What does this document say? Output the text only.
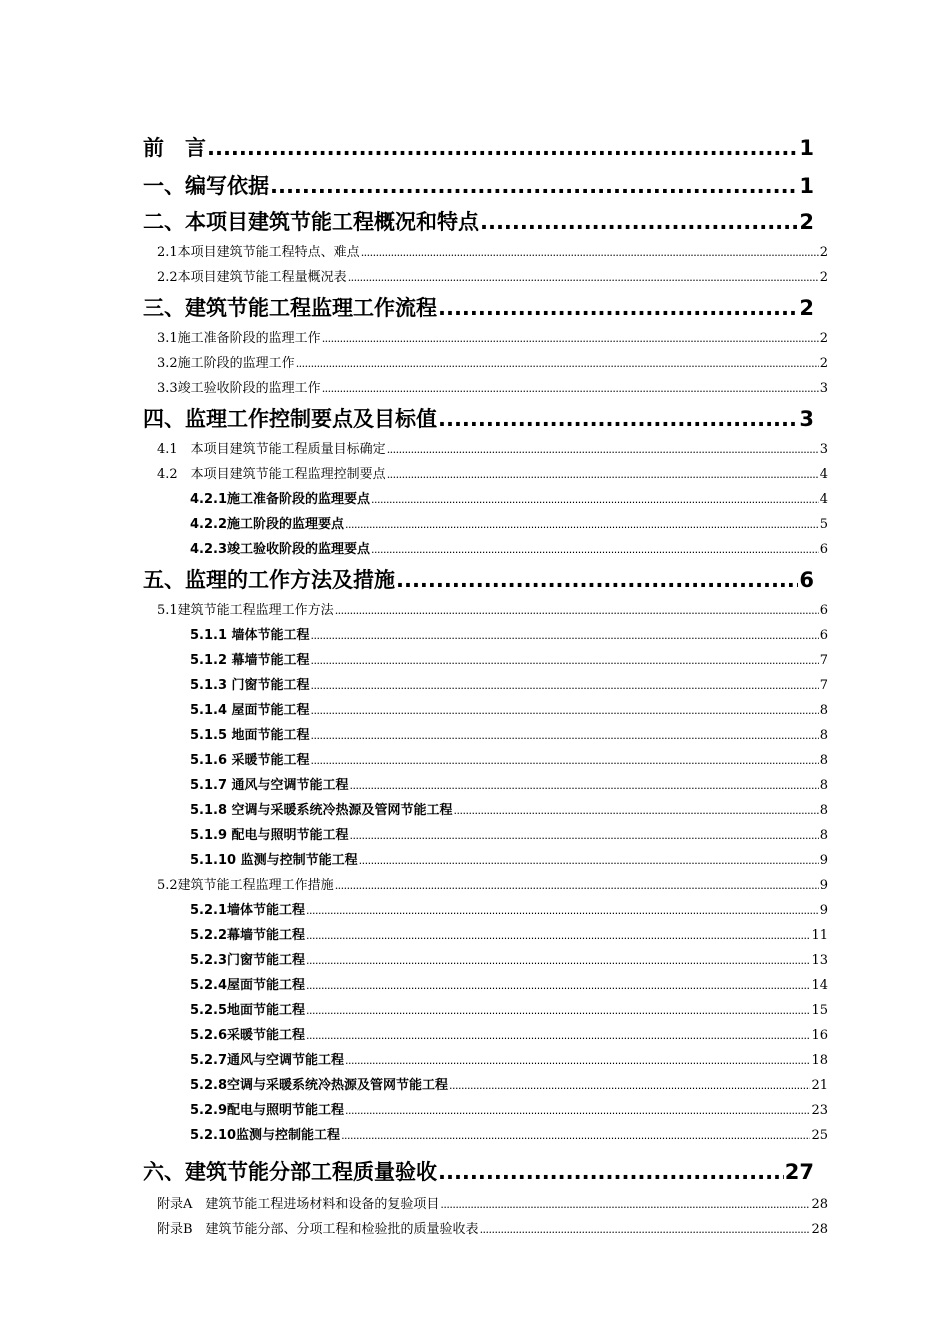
前　言 .....	1
一、编写依据 .....	1
二、本项目建筑节能工程概况和特点 .....	2
2.1本项目建筑节能工程特点、难点 .....	2
2.2本项目建筑节能工程量概况表 .....	2
三、建筑节能工程监理工作流程 .....	2
3.1施工准备阶段的监理工作 .....	2
3.2施工阶段的监理工作 .....	2
3.3竣工验收阶段的监理工作 .....	3
四、监理工作控制要点及目标值 .....	3
4.1　本项目建筑节能工程质量目标确定 .....	3
4.2　本项目建筑节能工程监理控制要点 .....	4
4.2.1施工准备阶段的监理要点 .....	4
4.2.2施工阶段的监理要点 .....	5
4.2.3竣工验收阶段的监理要点 .....	6
五、监理的工作方法及措施 .....	6
5.1建筑节能工程监理工作方法 .....	6
5.1.1 墙体节能工程 .....	6
5.1.2 幕墙节能工程 .....	7
5.1.3 门窗节能工程 .....	7
5.1.4 屋面节能工程 .....	8
5.1.5 地面节能工程 .....	8
5.1.6 采暖节能工程 .....	8
5.1.7 通风与空调节能工程 .....	8
5.1.8 空调与采暖系统冷热源及管网节能工程 .....	8
5.1.9 配电与照明节能工程 .....	8
5.1.10 监测与控制节能工程 .....	9
5.2建筑节能工程监理工作措施 .....	9
5.2.1墙体节能工程 .....	9
5.2.2幕墙节能工程 .....	11
5.2.3门窗节能工程 .....	13
5.2.4屋面节能工程 .....	14
5.2.5地面节能工程 .....	15
5.2.6采暖节能工程 .....	16
5.2.7通风与空调节能工程 .....	18
5.2.8空调与采暖系统冷热源及管网节能工程 .....	21
5.2.9配电与照明节能工程 .....	23
5.2.10监测与控制能工程 .....	25
六、建筑节能分部工程质量验收 .....	27
附录A　建筑节能工程进场材料和设备的复验项目 .....	28
附录B　建筑节能分部、分项工程和检验批的质量验收表 .....	28
